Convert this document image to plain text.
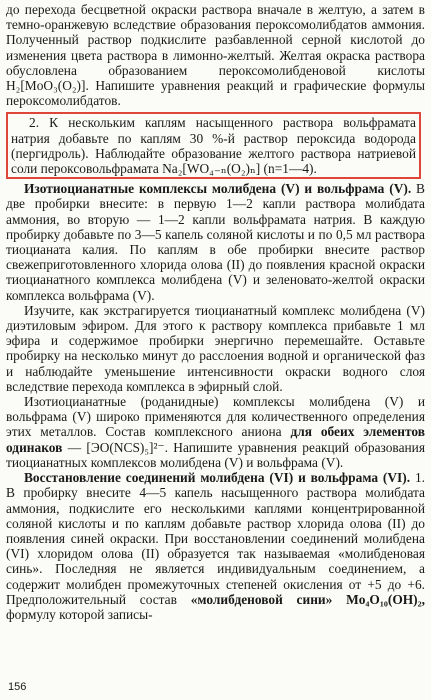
до перехода бесцветной окраски раствора вначале в желтую, а затем в темно-оранжевую вследствие образования пероксомолибдатов аммония. Полученный раствор подкислите разбавленной серной кислотой до изменения цвета раствора в лимонно-желтый. Желтая окраска раствора обусловлена образованием пероксомолибденовой кислоты H₂[MoO₃(O₂)]. Напишите уравнения реакций и графические формулы пероксомолибдатов.

2. К нескольким каплям насыщенного раствора вольфрамата натрия добавьте по каплям 30 %-й раствор пероксида водорода (пергидроль). Наблюдайте образование желтого раствора натриевой соли пероксовольфрамата Na₂[WO₄₋ₙ(O₂)ₙ] (n=1—4).

Изотиоцианатные комплексы молибдена (V) и вольфрама (V). В две пробирки внесите: в первую 1—2 капли раствора молибдата аммония, во вторую — 1—2 капли вольфрамата натрия. В каждую пробирку добавьте по 3—5 капель соляной кислоты и по 0,5 мл раствора тиоцианата калия. По каплям в обе пробирки внесите раствор свежеприготовленного хлорида олова (II) до появления красной окраски тиоцианатного комплекса молибдена (V) и зеленовато-желтой окраски комплекса вольфрама (V).

Изучите, как экстрагируется тиоцианатный комплекс молибдена (V) диэтиловым эфиром. Для этого к раствору комплекса прибавьте 1 мл эфира и содержимое пробирки энергично перемешайте. Оставьте пробирку на несколько минут до расслоения водной и органической фаз и наблюдайте уменьшение интенсивности окраски водного слоя вследствие перехода комплекса в эфирный слой.

Изотиоцианатные (роданидные) комплексы молибдена (V) и вольфрама (V) широко применяются для количественного определения этих металлов. Состав комплексного аниона для обеих элементов одинаков — [ЭO(NCS)₅]²⁻. Напишите уравнения реакций образования тиоцианатных комплексов молибдена (V) и вольфрама (V).

Восстановление соединений молибдена (VI) и вольфрама (VI). 1. В пробирку внесите 4—5 капель насыщенного раствора молибдата аммония, подкислите его несколькими каплями концентрированной соляной кислоты и по каплям добавьте раствор хлорида олова (II) до появления синей окраски. При восстановлении соединений молибдена (VI) хлоридом олова (II) образуется так называемая «молибденовая синь». Последняя не является индивидуальным соединением, а содержит молибден промежуточных степеней окисления от +5 до +6. Предположительный состав «молибденовой сини» Mo₄O₁₀(OH)₂, формулу которой записы-

156
